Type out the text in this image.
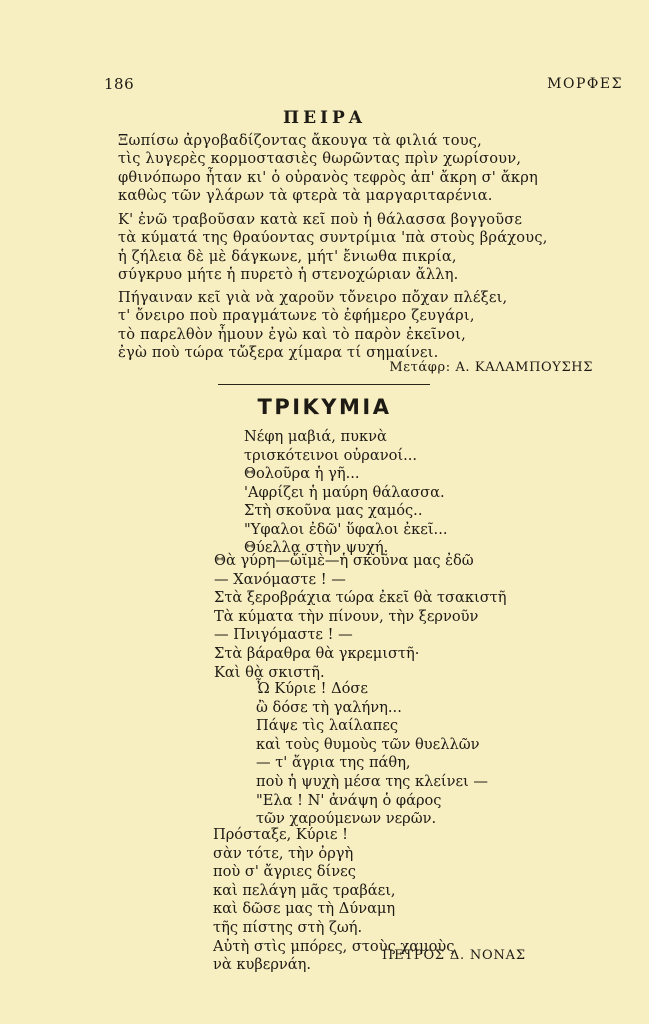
186	ΜΟΡΦΕΣ

ΠΕΙΡΑ

Ξωπίσω ἀργοβαδίζοντας ἄκουγα τὰ φιλιά τους,

τὶς λυγερὲς κορμοστασιὲς θωρῶντας πρὶν χωρίσουν,

φθινόπωρο ἦταν κι' ὁ οὐρανὸς τεφρὸς ἀπ' ἄκρη σ' ἄκρη

καθὼς τῶν γλάρων τὰ φτερὰ τὰ μαργαριταρένια.

Κ' ἐνῶ τραβοῦσαν κατὰ κεῖ ποὺ ἡ θάλασσα βογγοῦσε

τὰ κύματά της θραύοντας συντρίμια 'πὰ στοὺς βράχους,

ἡ ζήλεια δὲ μὲ δάγκωνε, μήτ' ἔνιωθα πικρία,

σύγκρυο μήτε ἡ πυρετὸ ἡ στενοχώριαν ἄλλη.

Πήγαιναν κεῖ γιὰ νὰ χαροῦν τὄνειρο πὄχαν πλέξει,

τ' ὄνειρο ποὺ πραγμάτωνε τὸ ἐφήμερο ζευγάρι,

τὸ παρελθὸν ἦμουν ἐγὼ καὶ τὸ παρὸν ἐκεῖνοι,

ἐγὼ ποὺ τώρα τὤξερα χίμαρα τί σημαίνει.

Μετάφρ: Α. ΚΑΛΑΜΠΟΥΣΗΣ

ΤΡΙΚΥΜΙΑ

Νέφη μαβιά, πυκνὰ

τρισκότεινοι οὐρανοί...

Θολοῦρα ἡ γῆ...

'Αφρίζει ἡ μαύρη θάλασσα.

Στὴ σκοῦνα μας χαμός..

"Υφαλοι ἐδῶ' ὕφαλοι ἐκεῖ...

Θύελλα στὴν ψυχή.

Θὰ γύρη—ὤϊμὲ—ἡ σκοῦνα μας ἐδῶ

— Χανόμαστε ! —

Στὰ ξεροβράχια τώρα ἐκεῖ θὰ τσακιστῆ

Τὰ κύματα τὴν πίνουν, τὴν ξερνοῦν

— Πνιγόμαστε ! —

Στὰ βάραθρα θὰ γκρεμιστῆ·

Καὶ θὰ σκιστῆ.

Ὦ Κύριε ! Δόσε

ὢ δόσε τὴ γαλήνη...

Πάψε τὶς λαίλαπες

καὶ τοὺς θυμοὺς τῶν θυελλῶν

— τ' ἄγρια της πάθη,

ποὺ ἡ ψυχὴ μέσα της κλείνει —

"Ελα ! Ν' ἀνάψη ὁ φάρος

τῶν χαρούμενων νερῶν.

Πρόσταξε, Κύριε !

σὰν τότε, τὴν ὀργὴ

ποὺ σ' ἄγριες δίνες

καὶ πελάγη μᾶς τραβάει,

καὶ δῶσε μας τὴ Δύναμη

τῆς πίστης στὴ ζωή.

Αὐτὴ στὶς μπόρες, στοὺς χαμοὺς

νὰ κυβερνάη.

ΠΕΤΡΟΣ Δ. ΝΟΝΑΣ
